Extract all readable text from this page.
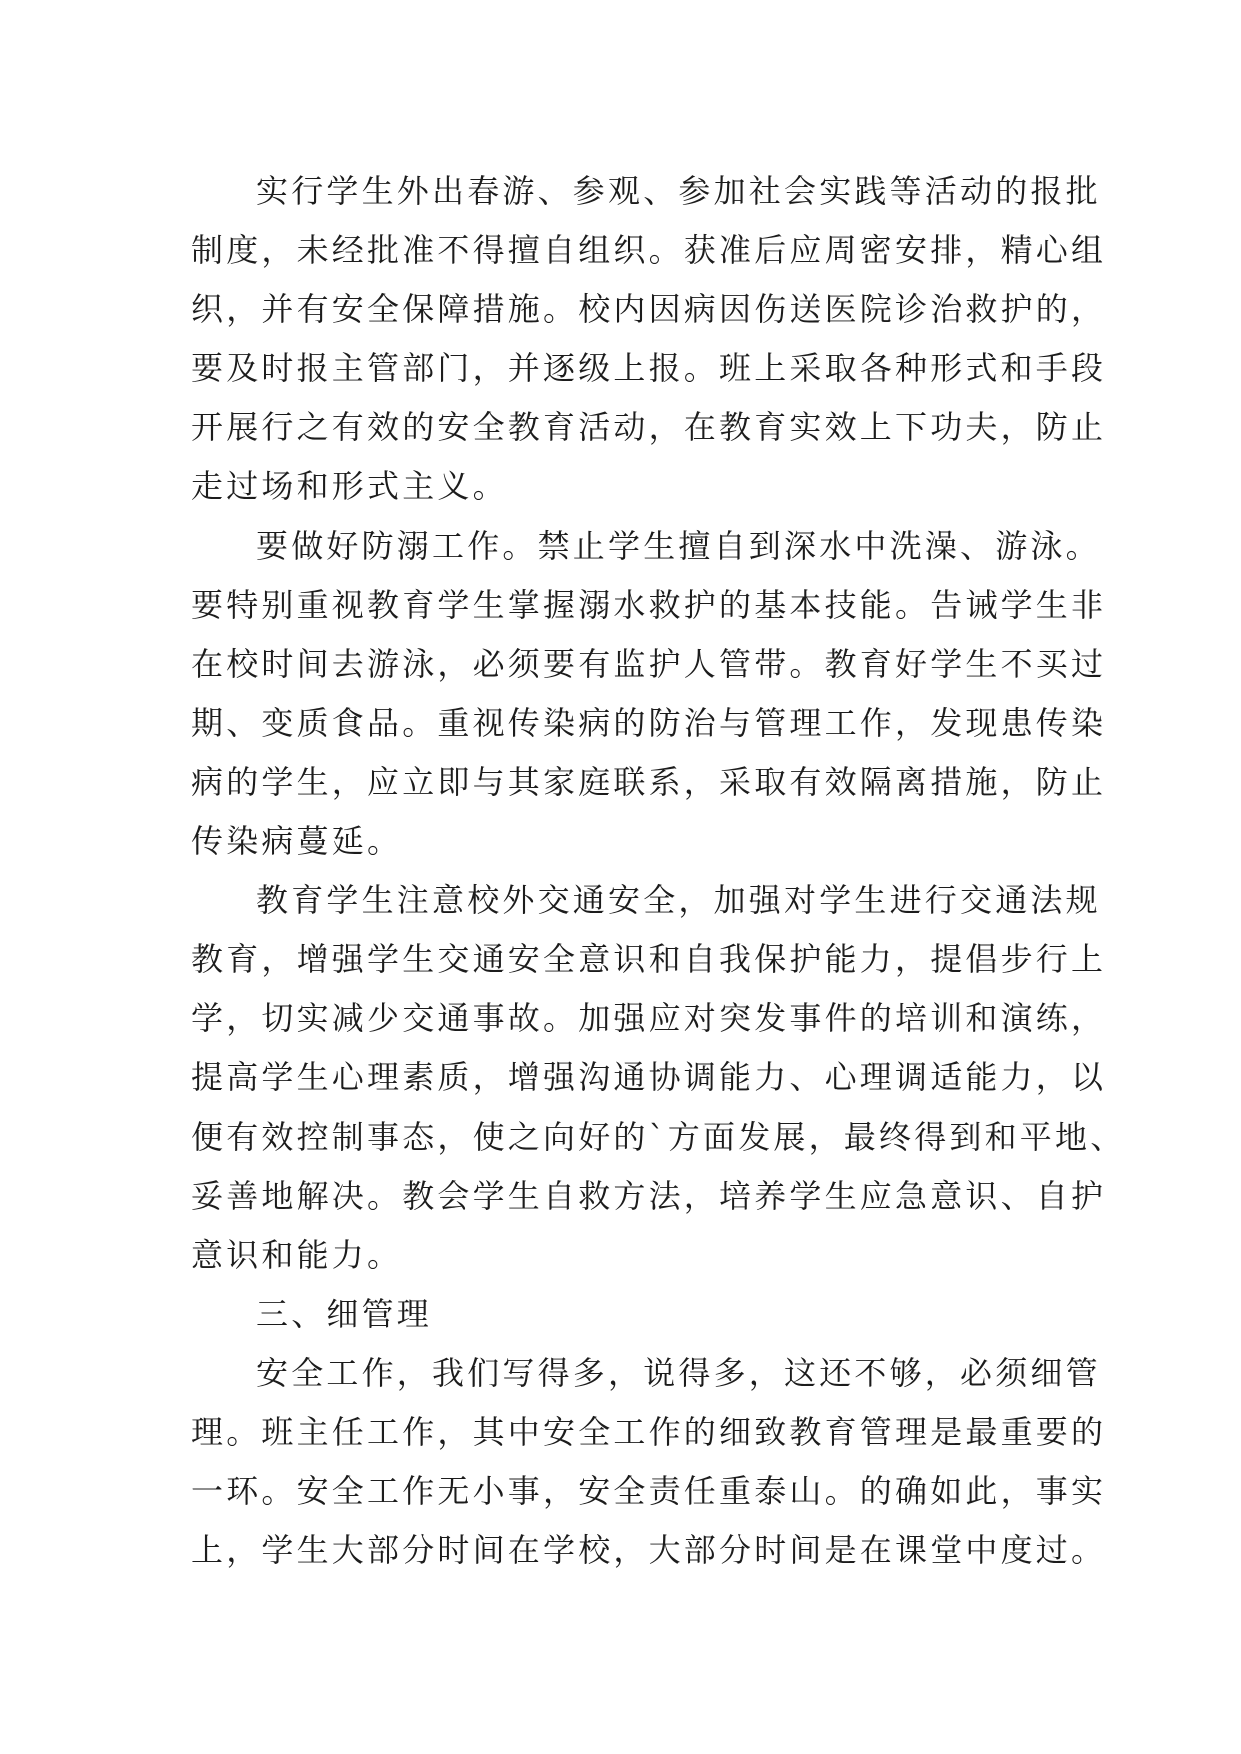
实行学生外出春游、参观、参加社会实践等活动的报批
制度，未经批准不得擅自组织。获准后应周密安排，精心组
织，并有安全保障措施。校内因病因伤送医院诊治救护的，
要及时报主管部门，并逐级上报。班上采取各种形式和手段
开展行之有效的安全教育活动，在教育实效上下功夫，防止
走过场和形式主义。
要做好防溺工作。禁止学生擅自到深水中洗澡、游泳。
要特别重视教育学生掌握溺水救护的基本技能。告诫学生非
在校时间去游泳，必须要有监护人管带。教育好学生不买过
期、变质食品。重视传染病的防治与管理工作，发现患传染
病的学生，应立即与其家庭联系，采取有效隔离措施，防止
传染病蔓延。
教育学生注意校外交通安全，加强对学生进行交通法规
教育，增强学生交通安全意识和自我保护能力，提倡步行上
学，切实减少交通事故。加强应对突发事件的培训和演练，
提高学生心理素质，增强沟通协调能力、心理调适能力，以
便有效控制事态，使之向好的`方面发展，最终得到和平地、
妥善地解决。教会学生自救方法，培养学生应急意识、自护
意识和能力。
三、细管理
安全工作，我们写得多，说得多，这还不够，必须细管
理。班主任工作，其中安全工作的细致教育管理是最重要的
一环。安全工作无小事，安全责任重泰山。的确如此，事实
上，学生大部分时间在学校，大部分时间是在课堂中度过。
